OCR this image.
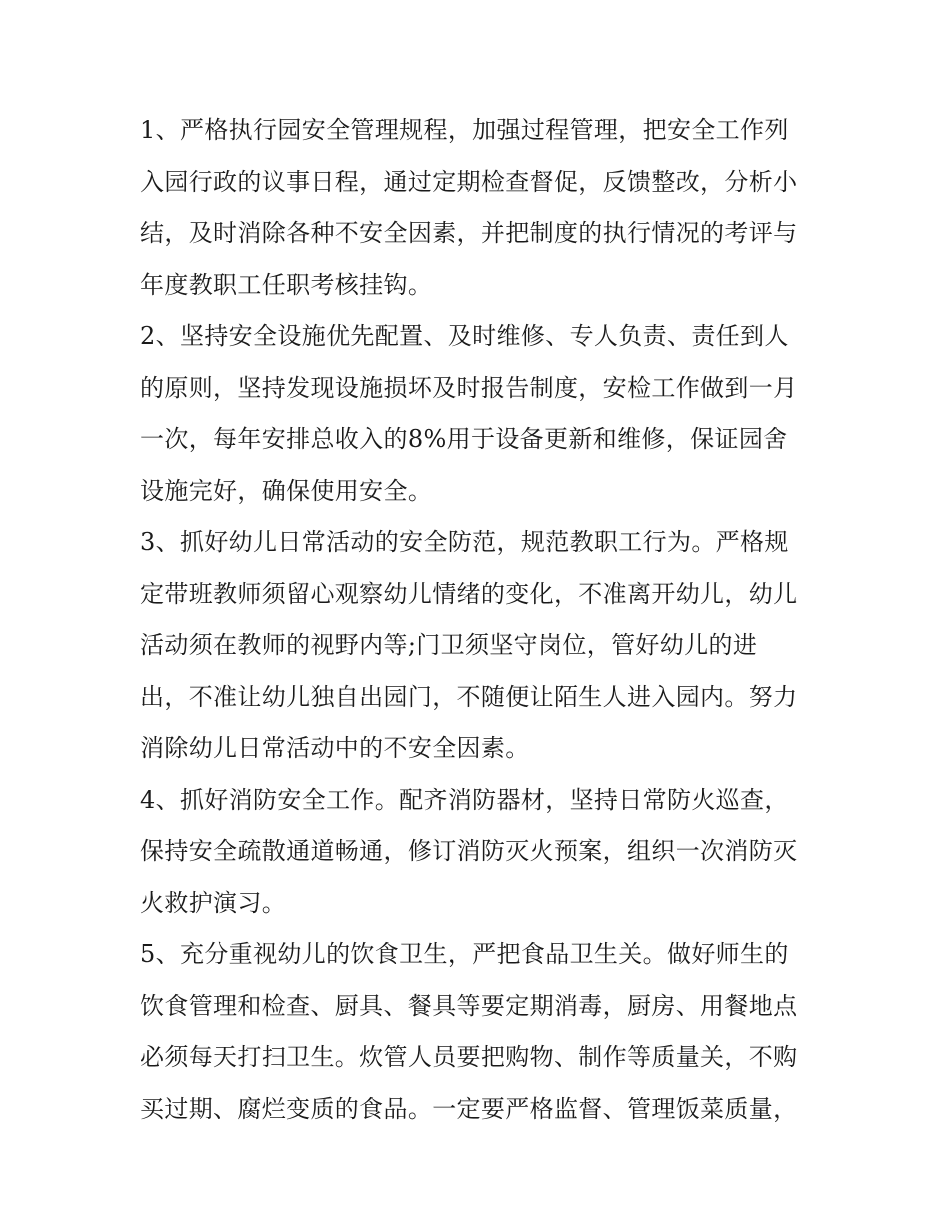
1、严格执行园安全管理规程，加强过程管理，把安全工作列
入园行政的议事日程，通过定期检查督促，反馈整改，分析小
结，及时消除各种不安全因素，并把制度的执行情况的考评与
年度教职工任职考核挂钩。
2、坚持安全设施优先配置、及时维修、专人负责、责任到人
的原则，坚持发现设施损坏及时报告制度，安检工作做到一月
一次，每年安排总收入的8%用于设备更新和维修，保证园舍
设施完好，确保使用安全。
3、抓好幼儿日常活动的安全防范，规范教职工行为。严格规
定带班教师须留心观察幼儿情绪的变化，不准离开幼儿，幼儿
活动须在教师的视野内等;门卫须坚守岗位，管好幼儿的进
出，不准让幼儿独自出园门，不随便让陌生人进入园内。努力
消除幼儿日常活动中的不安全因素。
4、抓好消防安全工作。配齐消防器材，坚持日常防火巡查，
保持安全疏散通道畅通，修订消防灭火预案，组织一次消防灭
火救护演习。
5、充分重视幼儿的饮食卫生，严把食品卫生关。做好师生的
饮食管理和检查、厨具、餐具等要定期消毒，厨房、用餐地点
必须每天打扫卫生。炊管人员要把购物、制作等质量关，不购
买过期、腐烂变质的食品。一定要严格监督、管理饭菜质量，
